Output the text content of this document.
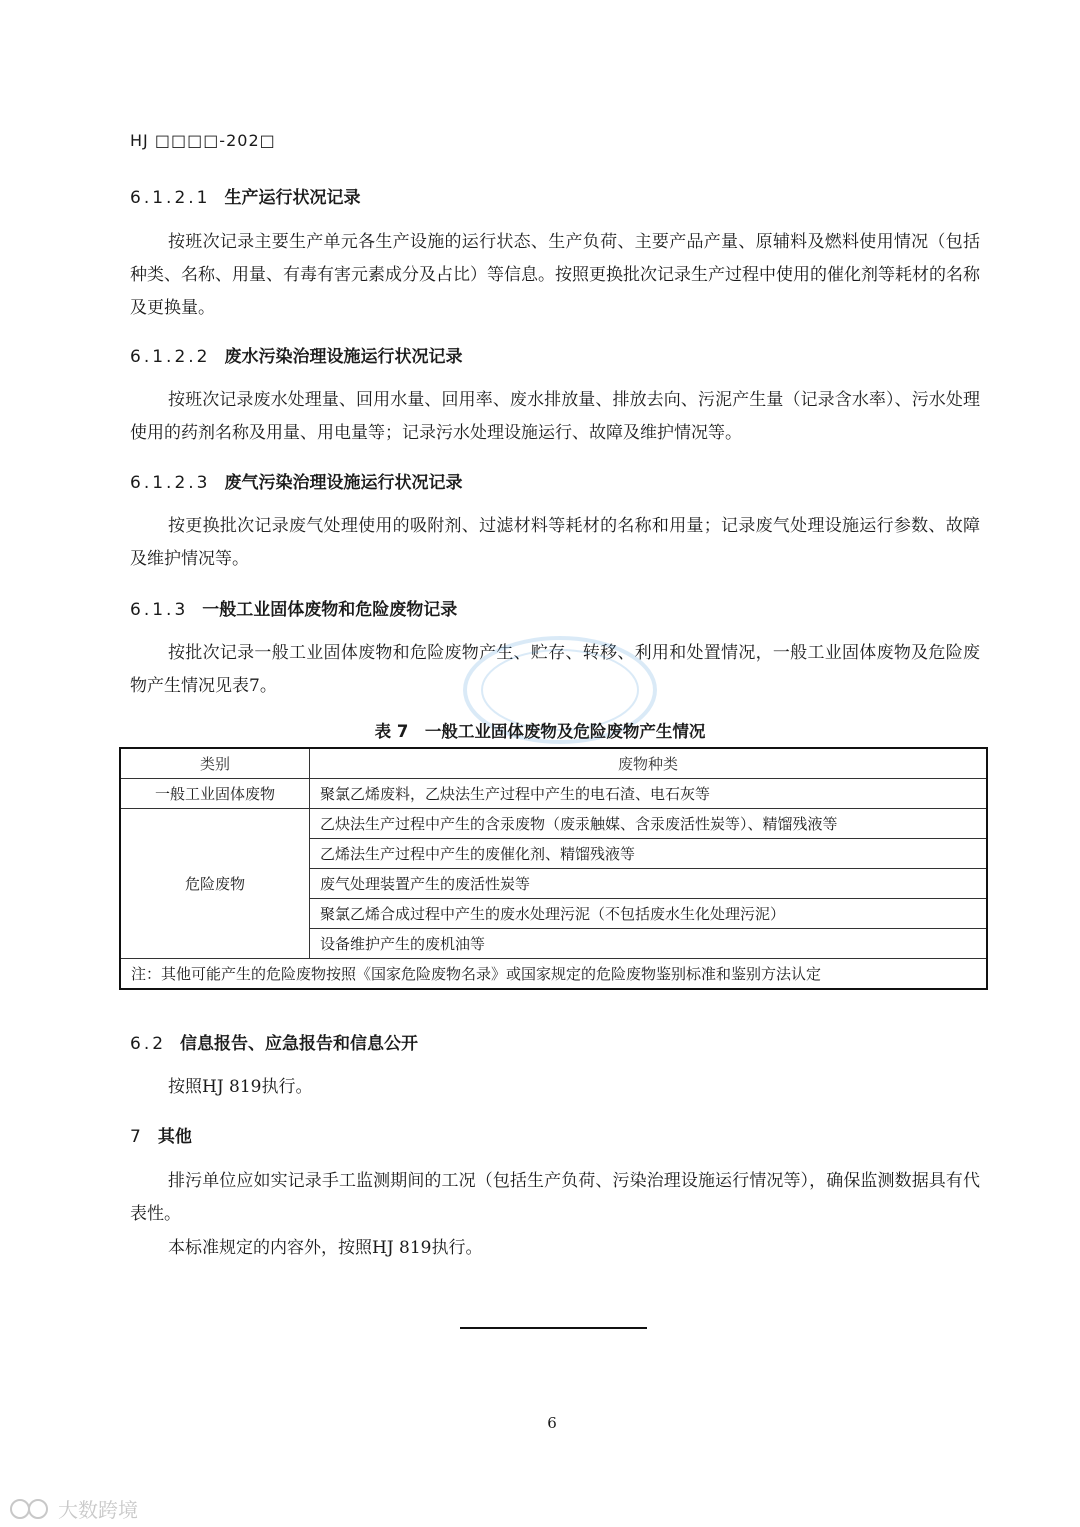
HJ □□□□-202□
6.1.2.1 生产运行状况记录
按班次记录主要生产单元各生产设施的运行状态、生产负荷、主要产品产量、原辅料及燃料使用情况（包括种类、名称、用量、有毒有害元素成分及占比）等信息。按照更换批次记录生产过程中使用的催化剂等耗材的名称及更换量。
6.1.2.2 废水污染治理设施运行状况记录
按班次记录废水处理量、回用水量、回用率、废水排放量、排放去向、污泥产生量（记录含水率）、污水处理使用的药剂名称及用量、用电量等；记录污水处理设施运行、故障及维护情况等。
6.1.2.3 废气污染治理设施运行状况记录
按更换批次记录废气处理使用的吸附剂、过滤材料等耗材的名称和用量；记录废气处理设施运行参数、故障及维护情况等。
6.1.3 一般工业固体废物和危险废物记录
按批次记录一般工业固体废物和危险废物产生、贮存、转移、利用和处置情况，一般工业固体废物及危险废物产生情况见表7。
表 7　一般工业固体废物及危险废物产生情况
类别	废物种类
一般工业固体废物	聚氯乙烯废料，乙炔法生产过程中产生的电石渣、电石灰等
危险废物	乙炔法生产过程中产生的含汞废物（废汞触媒、含汞废活性炭等）、精馏残液等
	乙烯法生产过程中产生的废催化剂、精馏残液等
	废气处理装置产生的废活性炭等
	聚氯乙烯合成过程中产生的废水处理污泥（不包括废水生化处理污泥）
	设备维护产生的废机油等
注：其他可能产生的危险废物按照《国家危险废物名录》或国家规定的危险废物鉴别标准和鉴别方法认定	
6.2 信息报告、应急报告和信息公开
按照HJ 819执行。
7 其他
排污单位应如实记录手工监测期间的工况（包括生产负荷、污染治理设施运行情况等），确保监测数据具有代表性。
本标准规定的内容外，按照HJ 819执行。
6
大数跨境
